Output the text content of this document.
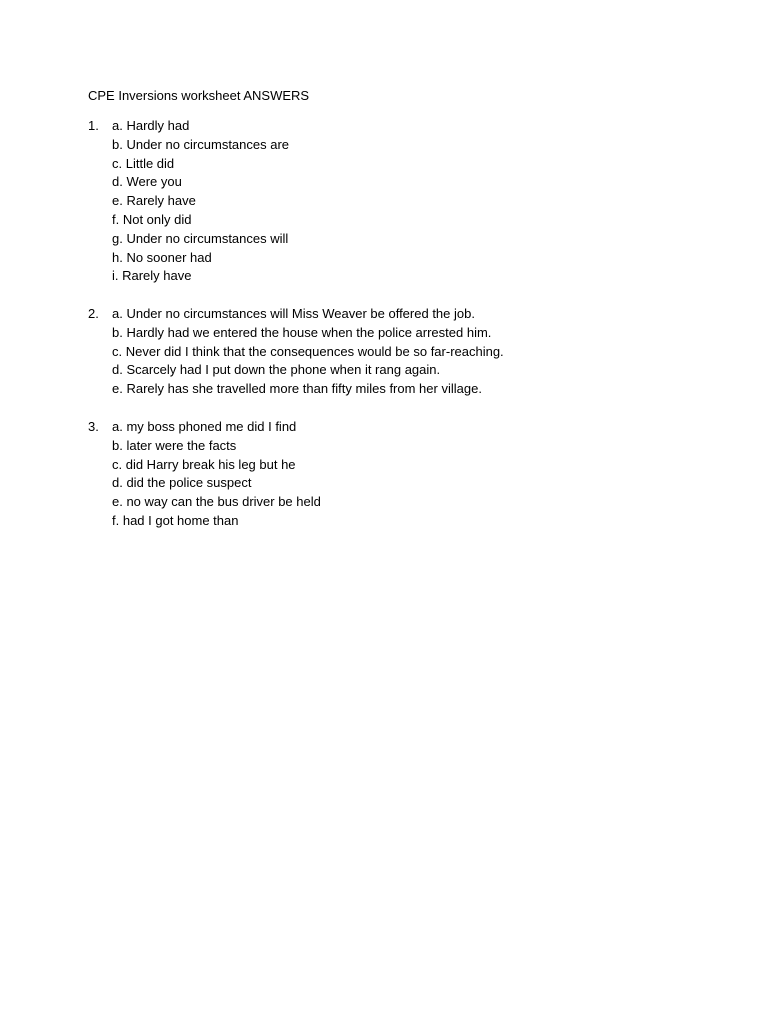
CPE Inversions worksheet ANSWERS
1. a. Hardly had
b. Under no circumstances are
c. Little did
d. Were you
e. Rarely have
f. Not only did
g. Under no circumstances will
h. No sooner had
i. Rarely have
2. a. Under no circumstances will Miss Weaver be offered the job.
b. Hardly had we entered the house when the police arrested him.
c. Never did I think that the consequences would be so far-reaching.
d. Scarcely had I put down the phone when it rang again.
e. Rarely has she travelled more than fifty miles from her village.
3. a. my boss phoned me did I find
b. later were the facts
c. did Harry break his leg but he
d. did the police suspect
e. no way can the bus driver be held
f. had I got home than
